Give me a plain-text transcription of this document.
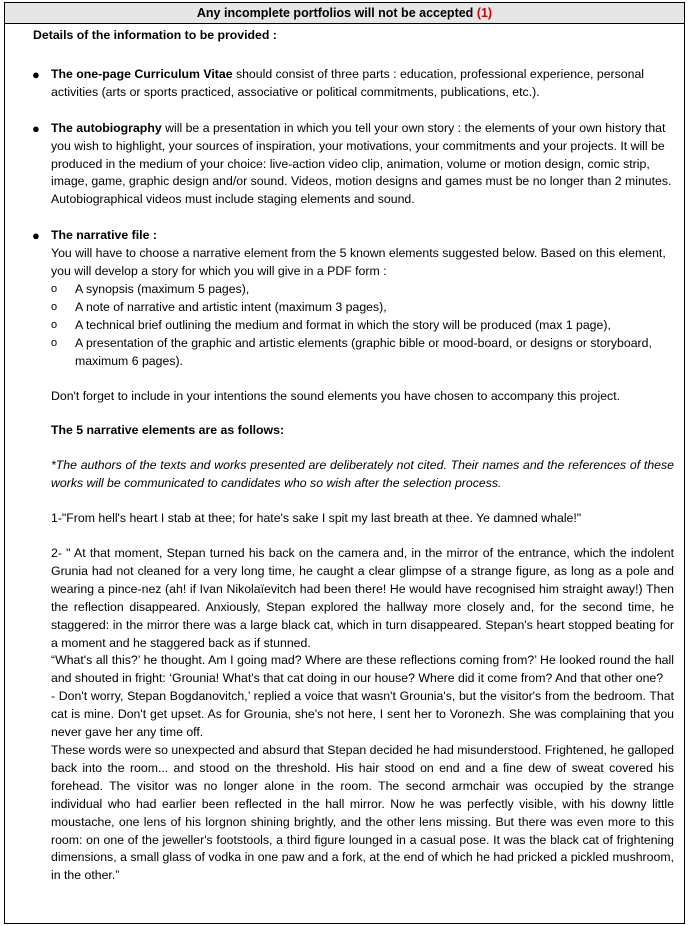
Any incomplete portfolios will not be accepted (1)
Details of the information to be provided :
● The one-page Curriculum Vitae should consist of three parts : education, professional experience, personal activities (arts or sports practiced, associative or political commitments, publications, etc.).
● The autobiography will be a presentation in which you tell your own story : the elements of your own history that you wish to highlight, your sources of inspiration, your motivations, your commitments and your projects. It will be produced in the medium of your choice: live-action video clip, animation, volume or motion design, comic strip, image, game, graphic design and/or sound. Videos, motion designs and games must be no longer than 2 minutes. Autobiographical videos must include staging elements and sound.
● The narrative file :
You will have to choose a narrative element from the 5 known elements suggested below. Based on this element, you will develop a story for which you will give in a PDF form :
o A synopsis (maximum 5 pages),
o A note of narrative and artistic intent (maximum 3 pages),
o A technical brief outlining the medium and format in which the story will be produced (max 1 page),
o A presentation of the graphic and artistic elements (graphic bible or mood-board, or designs or storyboard, maximum 6 pages).
Don't forget to include in your intentions the sound elements you have chosen to accompany this project.
The 5 narrative elements are as follows:
*The authors of the texts and works presented are deliberately not cited. Their names and the references of these works will be communicated to candidates who so wish after the selection process.
1-"From hell's heart I stab at thee; for hate's sake I spit my last breath at thee. Ye damned whale!"
2- " At that moment, Stepan turned his back on the camera and, in the mirror of the entrance, which the indolent Grunia had not cleaned for a very long time, he caught a clear glimpse of a strange figure, as long as a pole and wearing a pince-nez (ah! if Ivan Nikolaïevitch had been there! He would have recognised him straight away!) Then the reflection disappeared. Anxiously, Stepan explored the hallway more closely and, for the second time, he staggered: in the mirror there was a large black cat, which in turn disappeared. Stepan's heart stopped beating for a moment and he staggered back as if stunned.
“What's all this?’ he thought. Am I going mad? Where are these reflections coming from?’ He looked round the hall and shouted in fright: ‘Grounia! What's that cat doing in our house? Where did it come from? And that other one?
- Don't worry, Stepan Bogdanovitch,’ replied a voice that wasn't Grounia's, but the visitor's from the bedroom. That cat is mine. Don't get upset. As for Grounia, she's not here, I sent her to Voronezh. She was complaining that you never gave her any time off.
These words were so unexpected and absurd that Stepan decided he had misunderstood. Frightened, he galloped back into the room... and stood on the threshold. His hair stood on end and a fine dew of sweat covered his forehead. The visitor was no longer alone in the room. The second armchair was occupied by the strange individual who had earlier been reflected in the hall mirror. Now he was perfectly visible, with his downy little moustache, one lens of his lorgnon shining brightly, and the other lens missing. But there was even more to this room: on one of the jeweller's footstools, a third figure lounged in a casual pose. It was the black cat of frightening dimensions, a small glass of vodka in one paw and a fork, at the end of which he had pricked a pickled mushroom, in the other.”
